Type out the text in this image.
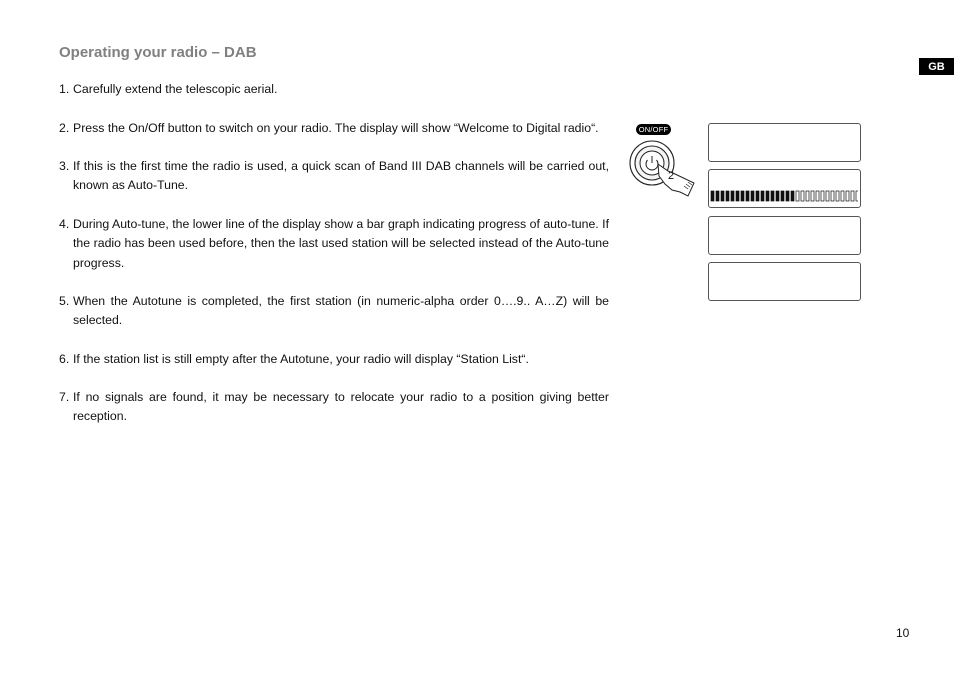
Operating your radio – DAB
GB
1. Carefully extend the telescopic aerial.
2. Press the On/Off button to switch on your radio. The display will show “Welcome to Digital radio“.
3. If this is the first time the radio is used, a quick scan of Band III DAB channels will be carried out, known as Auto-Tune.
4. During Auto-tune, the lower line of the display show a bar graph indicating progress of auto-tune. If the radio has been used before, then the last used station will be selected instead of the Auto-tune progress.
5. When the Autotune is completed, the first station (in numeric-alpha order 0….9.. A…Z) will be selected.
6. If the station list is still empty after the Autotune, your radio will display “Station List“.
7. If no signals are found, it may be necessary to relocate your radio to a position giving better reception.
ON/OFF
2
10
